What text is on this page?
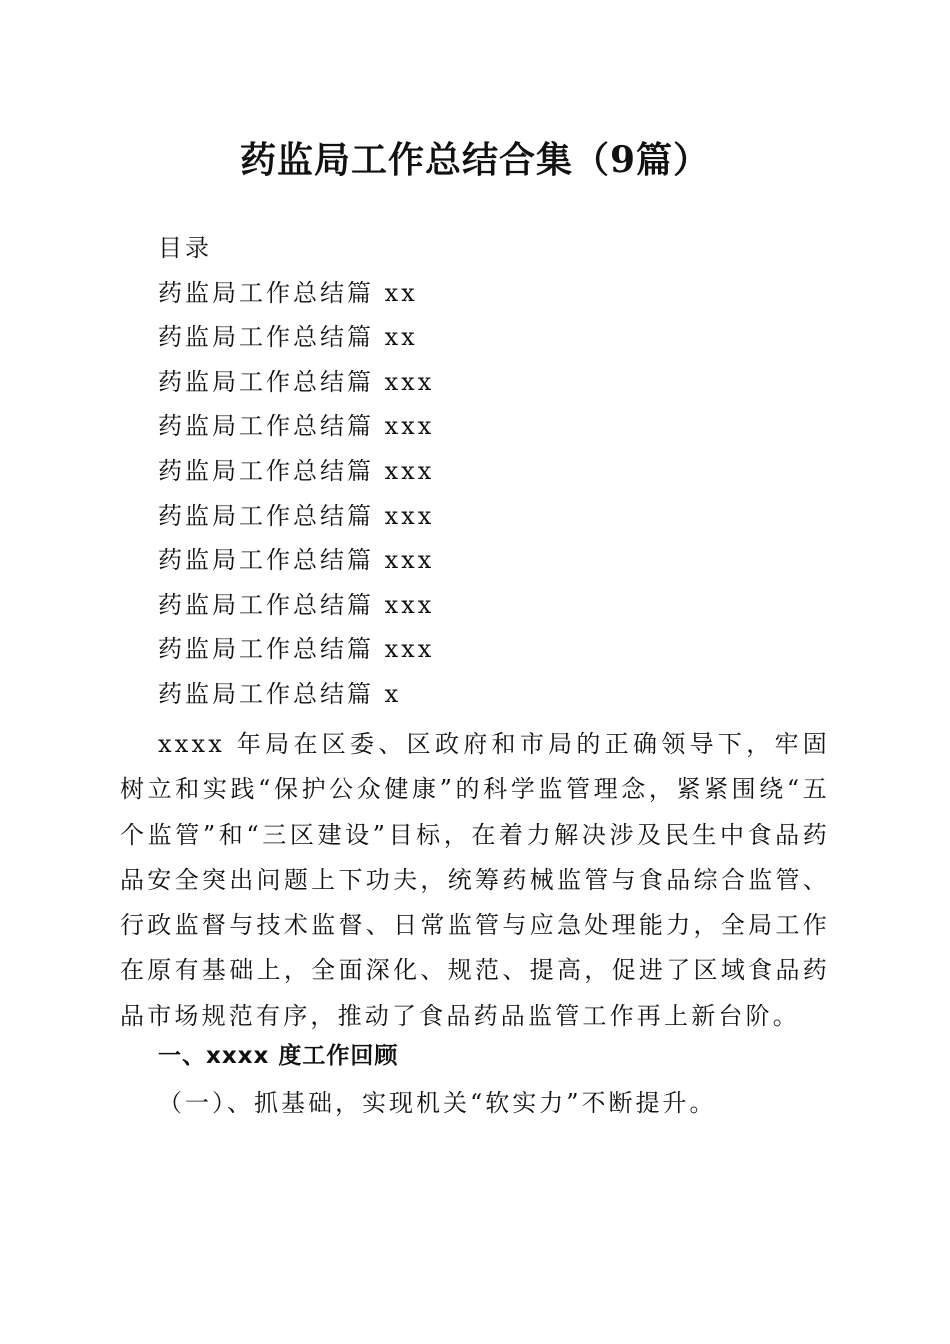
药监局工作总结合集（9篇）
目录
药监局工作总结篇 xx
药监局工作总结篇 xx
药监局工作总结篇 xxx
药监局工作总结篇 xxx
药监局工作总结篇 xxx
药监局工作总结篇 xxx
药监局工作总结篇 xxx
药监局工作总结篇 xxx
药监局工作总结篇 xxx
药监局工作总结篇 x
xxxx 年局在区委、区政府和市局的正确领导下，牢固树立和实践“保护公众健康”的科学监管理念，紧紧围绕“五个监管”和“三区建设”目标，在着力解决涉及民生中食品药品安全突出问题上下功夫，统筹药械监管与食品综合监管、行政监督与技术监督、日常监管与应急处理能力，全局工作在原有基础上，全面深化、规范、提高，促进了区域食品药品市场规范有序，推动了食品药品监管工作再上新台阶。
一、xxxx 度工作回顾
（一）、抓基础，实现机关“软实力”不断提升。
